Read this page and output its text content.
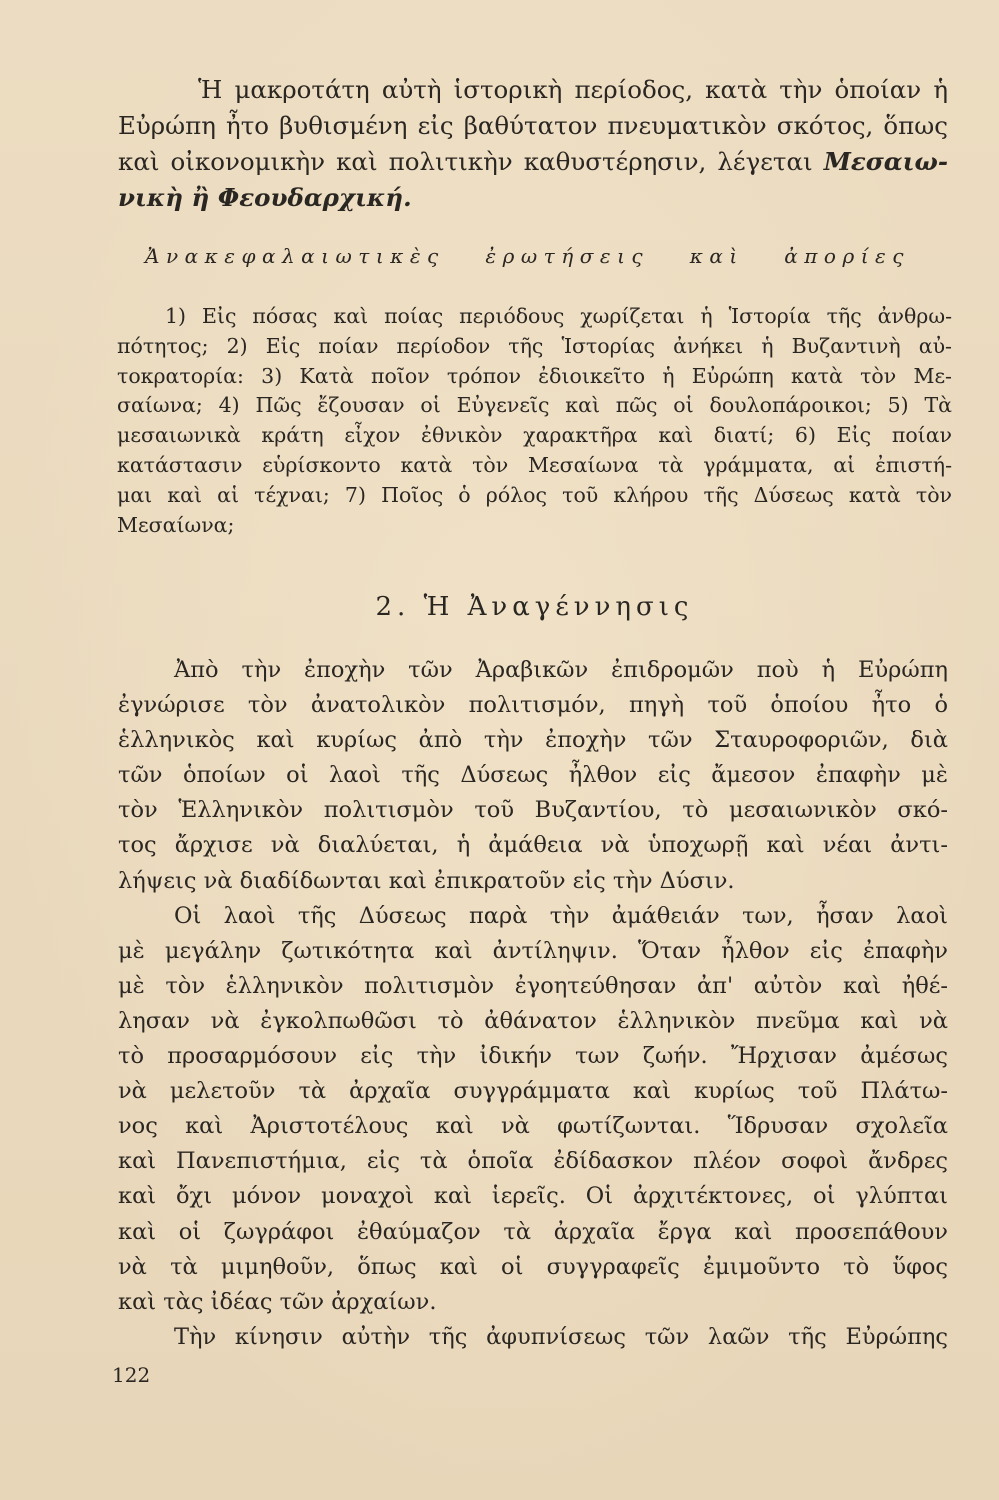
Ἡ μακροτάτη αὐτὴ ἱστορικὴ περίοδος, κατὰ τὴν ὁποίαν ἡ
Εὐρώπη ἦτο βυθισμένη εἰς βαθύτατον πνευματικὸν σκότος, ὅπως
καὶ οἰκονομικὴν καὶ πολιτικὴν καθυστέρησιν, λέγεται Μεσαιω-
νικὴ ἢ Φεουδαρχική.
Ἀνακεφαλαιωτικὲς ἐρωτήσεις καὶ ἀπορίες
1) Εἰς πόσας καὶ ποίας περιόδους χωρίζεται ἡ Ἱστορία τῆς ἀνθρω-
πότητος; 2) Εἰς ποίαν περίοδον τῆς Ἱστορίας ἀνήκει ἡ Βυζαντινὴ αὐ-
τοκρατορία: 3) Κατὰ ποῖον τρόπον ἐδιοικεῖτο ἡ Εὐρώπη κατὰ τὸν Με-
σαίωνα; 4) Πῶς ἔζουσαν οἱ Εὐγενεῖς καὶ πῶς οἱ δουλοπάροικοι; 5) Τὰ
μεσαιωνικὰ κράτη εἶχον ἐθνικὸν χαρακτῆρα καὶ διατί; 6) Εἰς ποίαν
κατάστασιν εὑρίσκοντο κατὰ τὸν Μεσαίωνα τὰ γράμματα, αἱ ἐπιστή-
μαι καὶ αἱ τέχναι; 7) Ποῖος ὁ ρόλος τοῦ κλήρου τῆς Δύσεως κατὰ τὸν
Μεσαίωνα;
2. Ἡ Ἀναγέννησις
Ἀπὸ τὴν ἐποχὴν τῶν Ἀραβικῶν ἐπιδρομῶν ποὺ ἡ Εὐρώπη
ἐγνώρισε τὸν ἀνατολικὸν πολιτισμόν, πηγὴ τοῦ ὁποίου ἦτο ὁ
ἑλληνικὸς καὶ κυρίως ἀπὸ τὴν ἐποχὴν τῶν Σταυροφοριῶν, διὰ
τῶν ὁποίων οἱ λαοὶ τῆς Δύσεως ἦλθον εἰς ἄμεσον ἐπαφὴν μὲ
τὸν Ἑλληνικὸν πολιτισμὸν τοῦ Βυζαντίου, τὸ μεσαιωνικὸν σκό-
τος ἄρχισε νὰ διαλύεται, ἡ ἀμάθεια νὰ ὑποχωρῇ καὶ νέαι ἀντι-
λήψεις νὰ διαδίδωνται καὶ ἐπικρατοῦν εἰς τὴν Δύσιν.
Οἱ λαοὶ τῆς Δύσεως παρὰ τὴν ἀμάθειάν των, ἦσαν λαοὶ
μὲ μεγάλην ζωτικότητα καὶ ἀντίληψιν. Ὅταν ἦλθον εἰς ἐπαφὴν
μὲ τὸν ἑλληνικὸν πολιτισμὸν ἐγοητεύθησαν ἀπ' αὐτὸν καὶ ἠθέ-
λησαν νὰ ἐγκολπωθῶσι τὸ ἀθάνατον ἑλληνικὸν πνεῦμα καὶ νὰ
τὸ προσαρμόσουν εἰς τὴν ἰδικήν των ζωήν. Ἤρχισαν ἀμέσως
νὰ μελετοῦν τὰ ἀρχαῖα συγγράμματα καὶ κυρίως τοῦ Πλάτω-
νος καὶ Ἀριστοτέλους καὶ νὰ φωτίζωνται. Ἵδρυσαν σχολεῖα
καὶ Πανεπιστήμια, εἰς τὰ ὁποῖα ἐδίδασκον πλέον σοφοὶ ἄνδρες
καὶ ὄχι μόνον μοναχοὶ καὶ ἱερεῖς. Οἱ ἀρχιτέκτονες, οἱ γλύπται
καὶ οἱ ζωγράφοι ἐθαύμαζον τὰ ἀρχαῖα ἔργα καὶ προσεπάθουν
νὰ τὰ μιμηθοῦν, ὅπως καὶ οἱ συγγραφεῖς ἐμιμοῦντο τὸ ὕφος
καὶ τὰς ἰδέας τῶν ἀρχαίων.
Τὴν κίνησιν αὐτὴν τῆς ἀφυπνίσεως τῶν λαῶν τῆς Εὐρώπης
122
